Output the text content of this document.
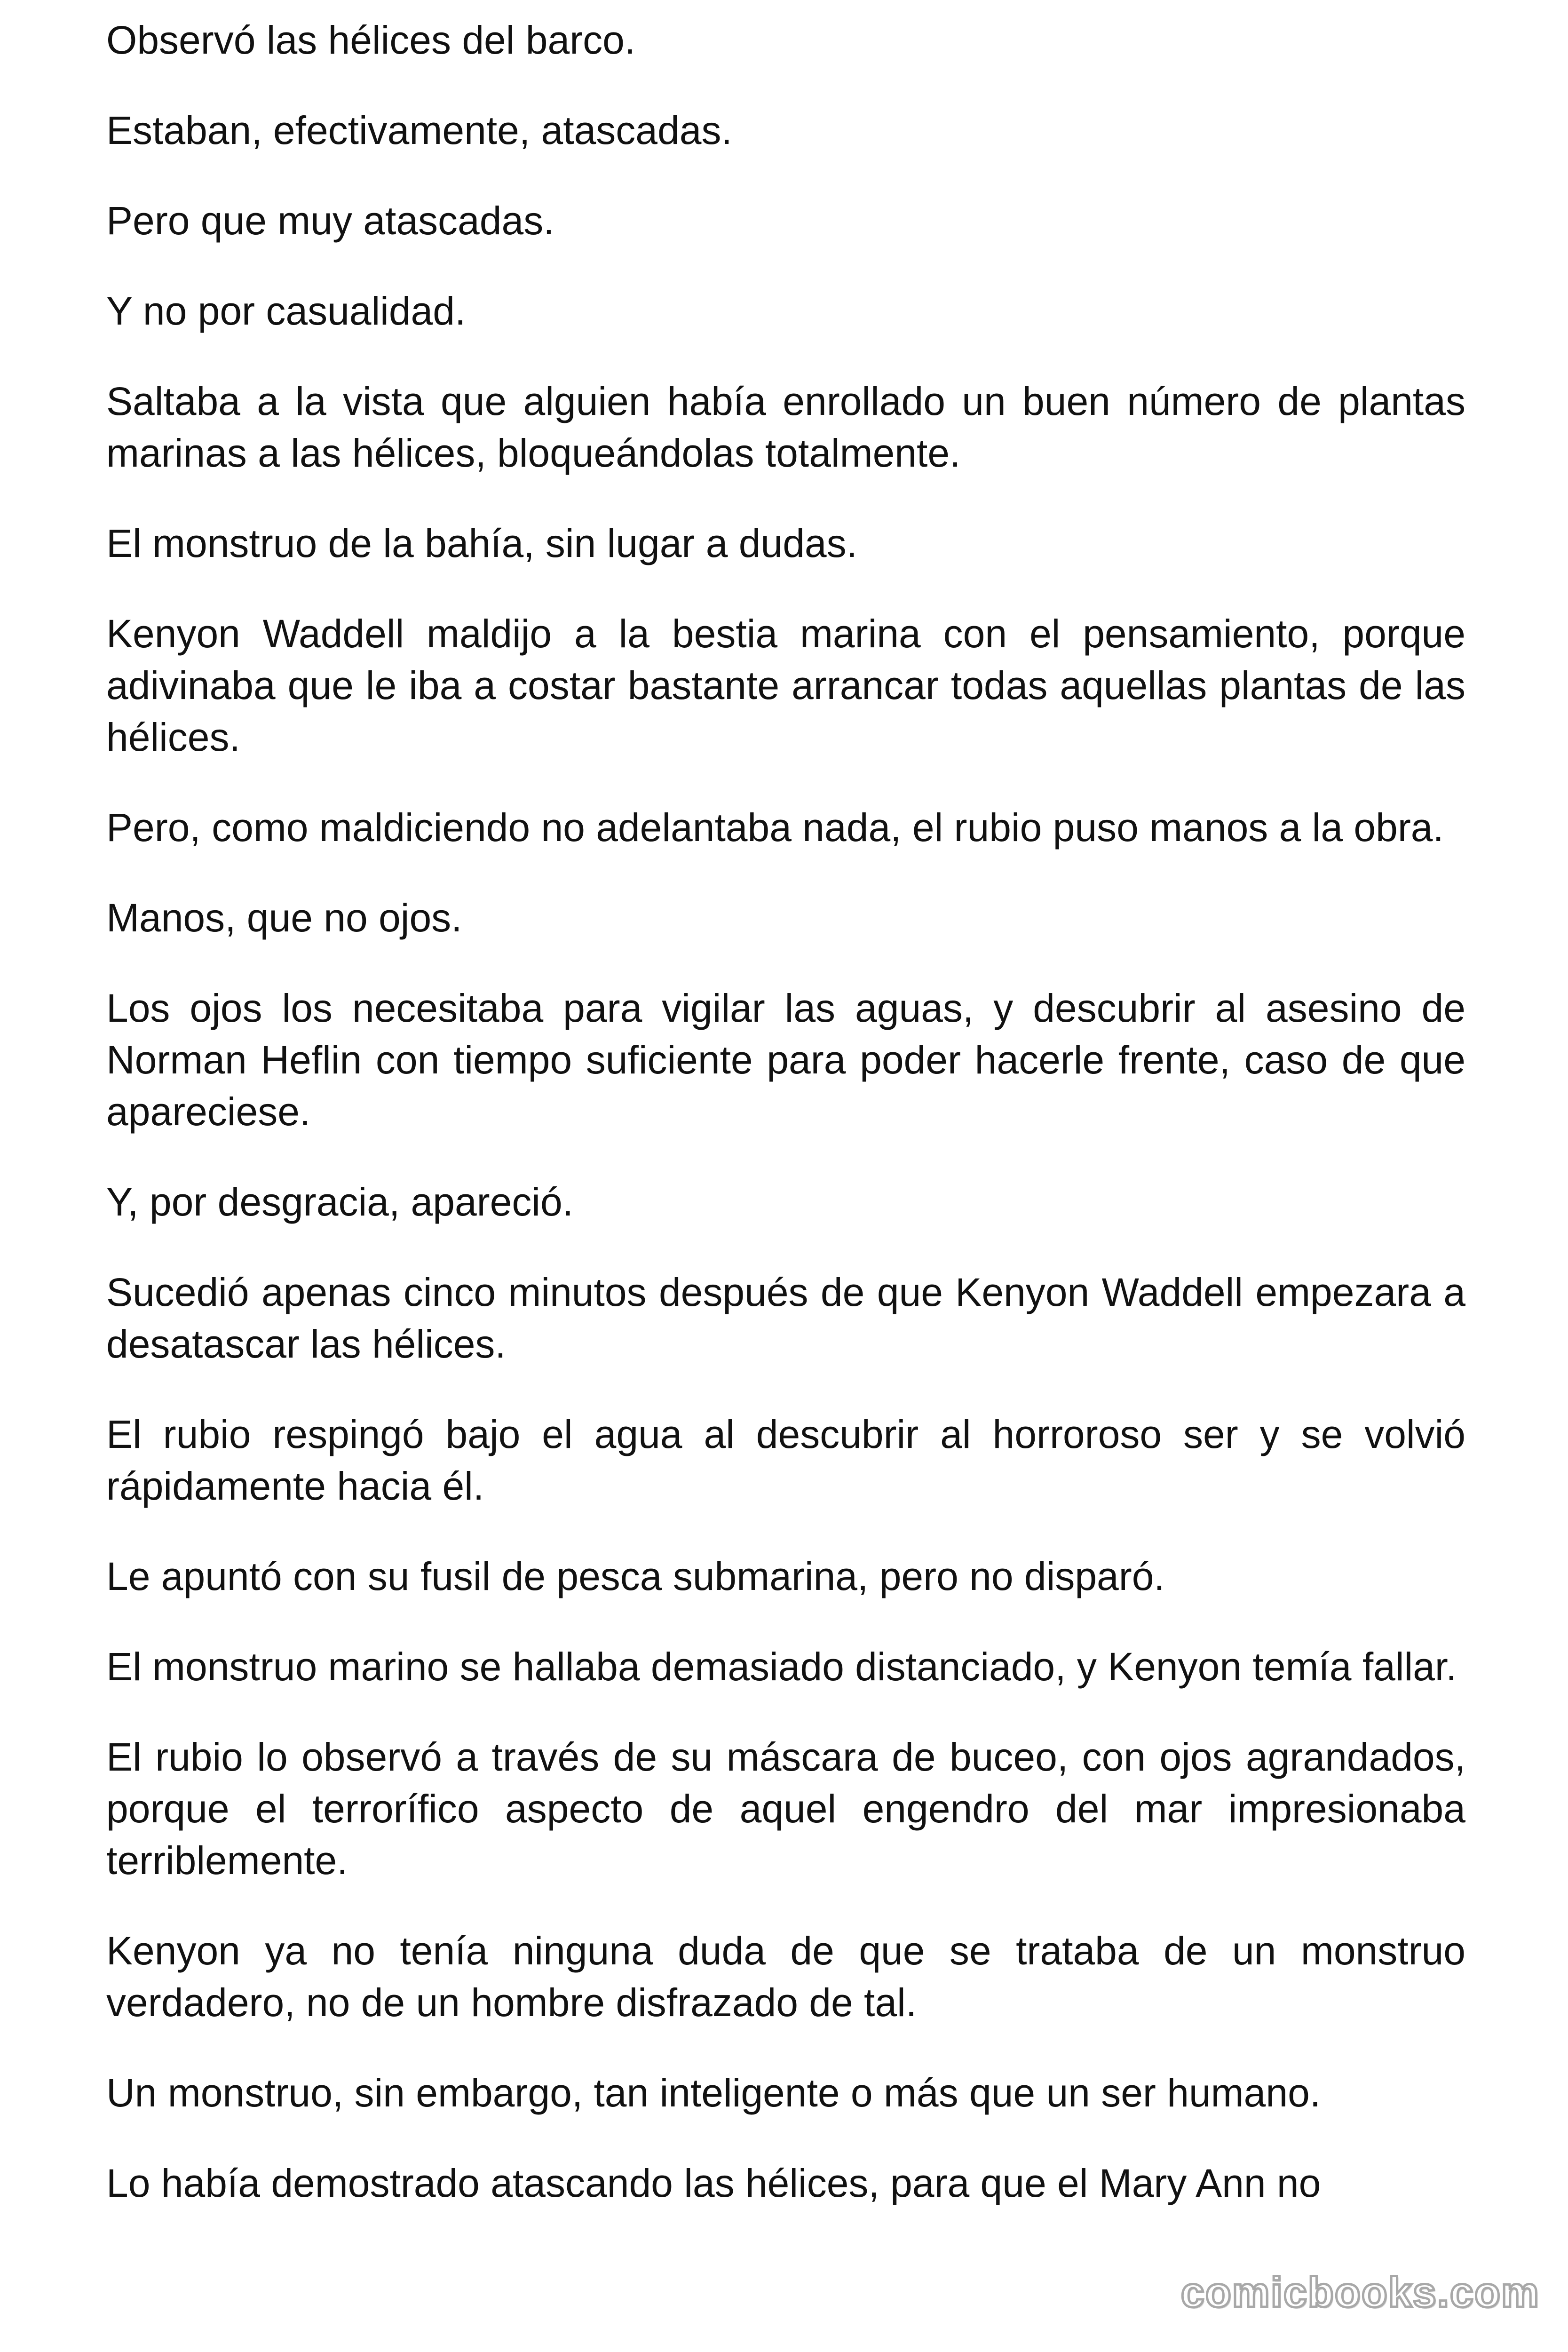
Observó las hélices del barco.

Estaban, efectivamente, atascadas.

Pero que muy atascadas.

Y no por casualidad.

Saltaba a la vista que alguien había enrollado un buen número de plantas marinas a las hélices, bloqueándolas totalmente.

El monstruo de la bahía, sin lugar a dudas.

Kenyon Waddell maldijo a la bestia marina con el pensamiento, porque adivinaba que le iba a costar bastante arrancar todas aquellas plantas de las hélices.

Pero, como maldiciendo no adelantaba nada, el rubio puso manos a la obra.

Manos, que no ojos.

Los ojos los necesitaba para vigilar las aguas, y descubrir al asesino de Norman Heflin con tiempo suficiente para poder hacerle frente, caso de que apareciese.

Y, por desgracia, apareció.

Sucedió apenas cinco minutos después de que Kenyon Waddell empezara a desatascar las hélices.

El rubio respingó bajo el agua al descubrir al horroroso ser y se volvió rápidamente hacia él.

Le apuntó con su fusil de pesca submarina, pero no disparó.

El monstruo marino se hallaba demasiado distanciado, y Kenyon temía fallar.

El rubio lo observó a través de su máscara de buceo, con ojos agrandados, porque el terrorífico aspecto de aquel engendro del mar impresionaba terriblemente.

Kenyon ya no tenía ninguna duda de que se trataba de un monstruo verdadero, no de un hombre disfrazado de tal.

Un monstruo, sin embargo, tan inteligente o más que un ser humano.

Lo había demostrado atascando las hélices, para que el Mary Ann no

comicbooks.com
